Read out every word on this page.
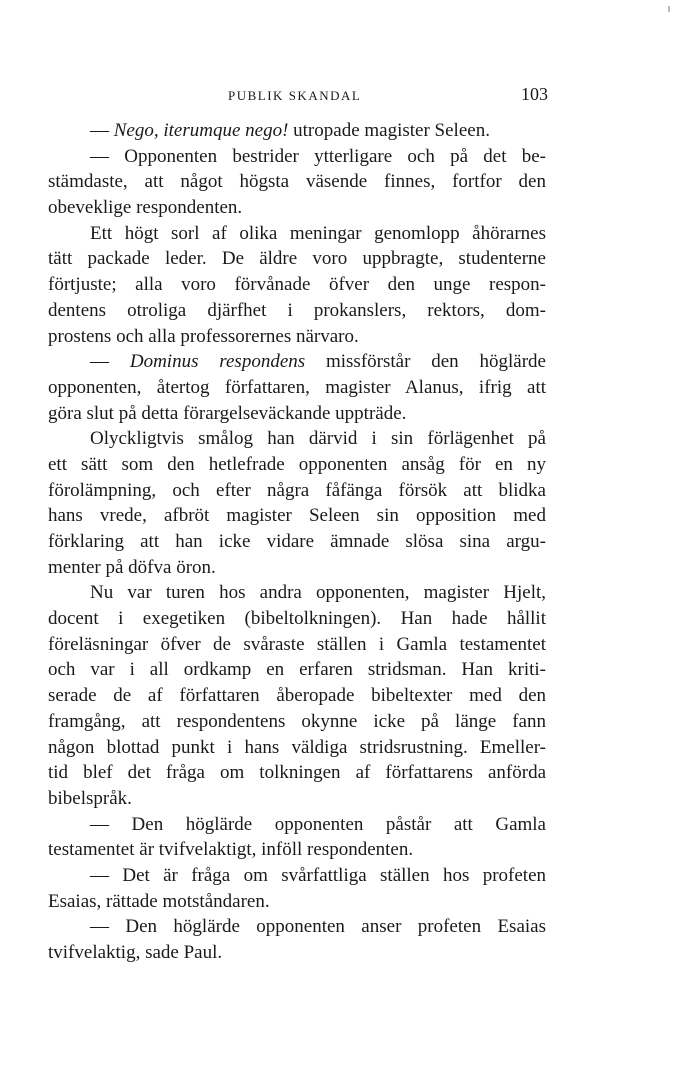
PUBLIK SKANDAL	103
— Nego, iterumque nego! utropade magister Seleen.
— Opponenten bestrider ytterligare och på det be-
stämdaste, att något högsta väsende finnes, fortfor den
obeveklige respondenten.
Ett högt sorl af olika meningar genomlopp åhörarnes
tätt packade leder. De äldre voro uppbragte, studenterne
förtjuste; alla voro förvånade öfver den unge respon-
dentens otroliga djärfhet i prokanslers, rektors, dom-
prostens och alla professorernes närvaro.
— Dominus respondens missförstår den höglärde
opponenten, återtog författaren, magister Alanus, ifrig att
göra slut på detta förargelseväckande uppträde.
Olyckligtvis smålog han därvid i sin förlägenhet på
ett sätt som den hetlefrade opponenten ansåg för en ny
förolämpning, och efter några fåfänga försök att blidka
hans vrede, afbröt magister Seleen sin opposition med
förklaring att han icke vidare ämnade slösa sina argu-
menter på döfva öron.
Nu var turen hos andra opponenten, magister Hjelt,
docent i exegetiken (bibeltolkningen). Han hade hållit
föreläsningar öfver de svåraste ställen i Gamla testamentet
och var i all ordkamp en erfaren stridsman. Han kriti-
serade de af författaren åberopade bibeltexter med den
framgång, att respondentens okynne icke på länge fann
någon blottad punkt i hans väldiga stridsrustning. Emeller-
tid blef det fråga om tolkningen af författarens anförda
bibelspråk.
— Den höglärde opponenten påstår att Gamla
testamentet är tvifvelaktigt, inföll respondenten.
— Det är fråga om svårfattliga ställen hos profeten
Esaias, rättade motståndaren.
— Den höglärde opponenten anser profeten Esaias
tvifvelaktig, sade Paul.
